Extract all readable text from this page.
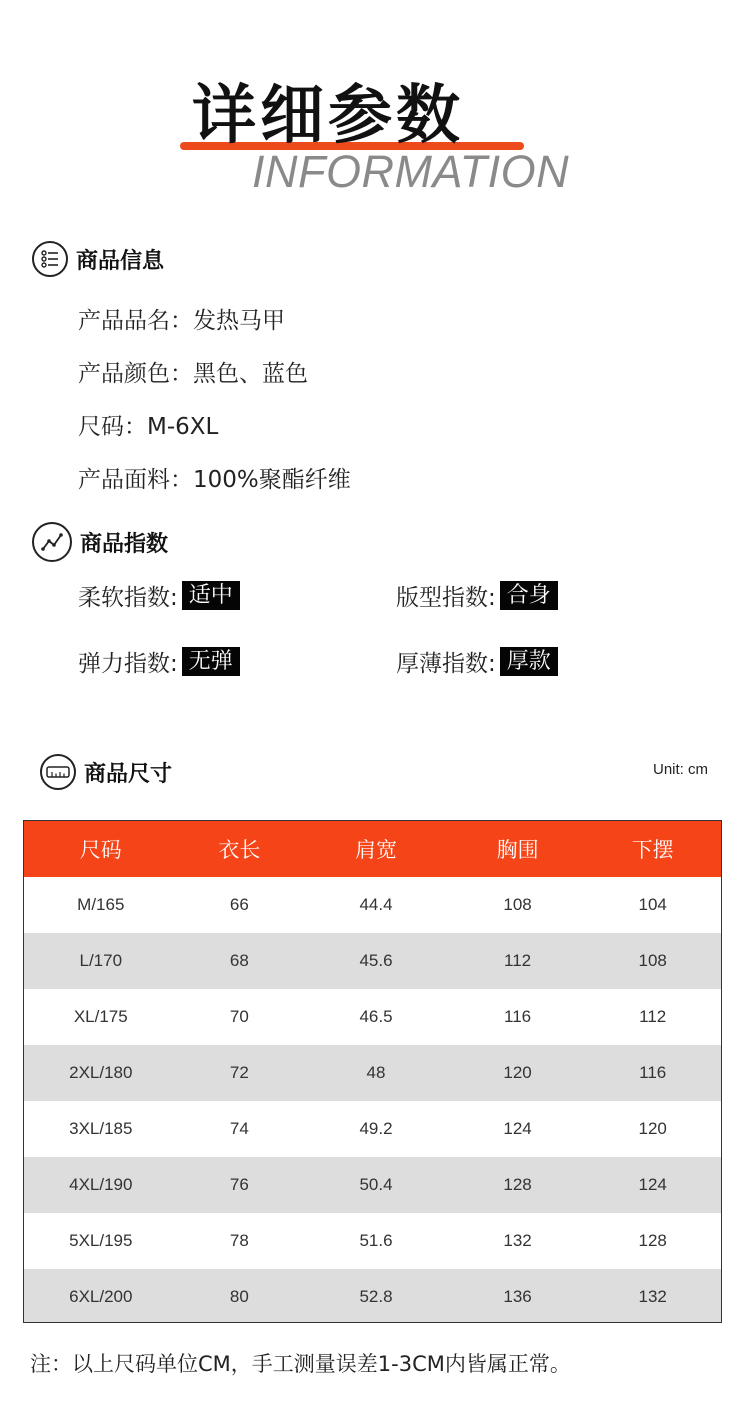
详细参数
INFORMATION
商品信息
产品品名：发热马甲
产品颜色：黑色、蓝色
尺码：M-6XL
产品面料：100%聚酯纤维
商品指数
柔软指数: 适中	版型指数: 合身
弹力指数: 无弹	厚薄指数: 厚款
商品尺寸	Unit: cm
尺码	衣长	肩宽	胸围	下摆
M/165	66	44.4	108	104
L/170	68	45.6	112	108
XL/175	70	46.5	116	112
2XL/180	72	48	120	116
3XL/185	74	49.2	124	120
4XL/190	76	50.4	128	124
5XL/195	78	51.6	132	128
6XL/200	80	52.8	136	132
注：以上尺码单位CM，手工测量误差1-3CM内皆属正常。
